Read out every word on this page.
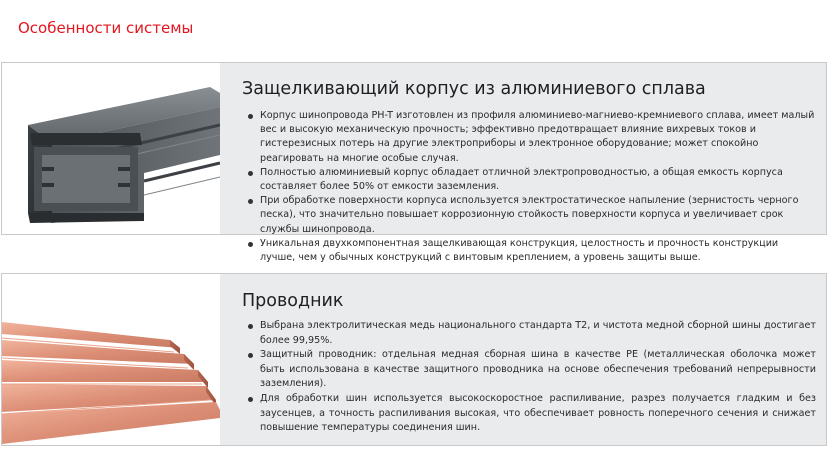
Особенности системы
Защелкивающий корпус из алюминиевого сплава
Корпус шинопровода PH-T изготовлен из профиля алюминиево-магниево-кремниевого сплава, имеет малый вес и высокую механическую прочность; эффективно предотвращает влияние вихревых токов и гистерезисных потерь на другие электроприборы и электронное оборудование; может спокойно реагировать на многие особые случая.
Полностью алюминиевый корпус обладает отличной электропроводностью, а общая емкость корпуса составляет более 50% от емкости заземления.
При обработке поверхности корпуса используется электростатическое напыление (зернистость черного песка), что значительно повышает коррозионную стойкость поверхности корпуса и увеличивает срок службы шинопровода.
Уникальная двухкомпонентная защелкивающая конструкция, целостность и прочность конструкции лучше, чем у обычных конструкций с винтовым креплением, а уровень защиты выше.
Проводник
Выбрана электролитическая медь национального стандарта T2, и чистота медной сборной шины достигает более 99,95%.
Защитный проводник: отдельная медная сборная шина в качестве PE (металлическая оболочка может быть использована в качестве защитного проводника на основе обеспечения требований непрерывности заземления).
Для обработки шин используется высокоскоростное распиливание, разрез получается гладким и без заусенцев, а точность распиливания высокая, что обеспечивает ровность поперечного сечения и снижает повышение температуры соединения шин.
